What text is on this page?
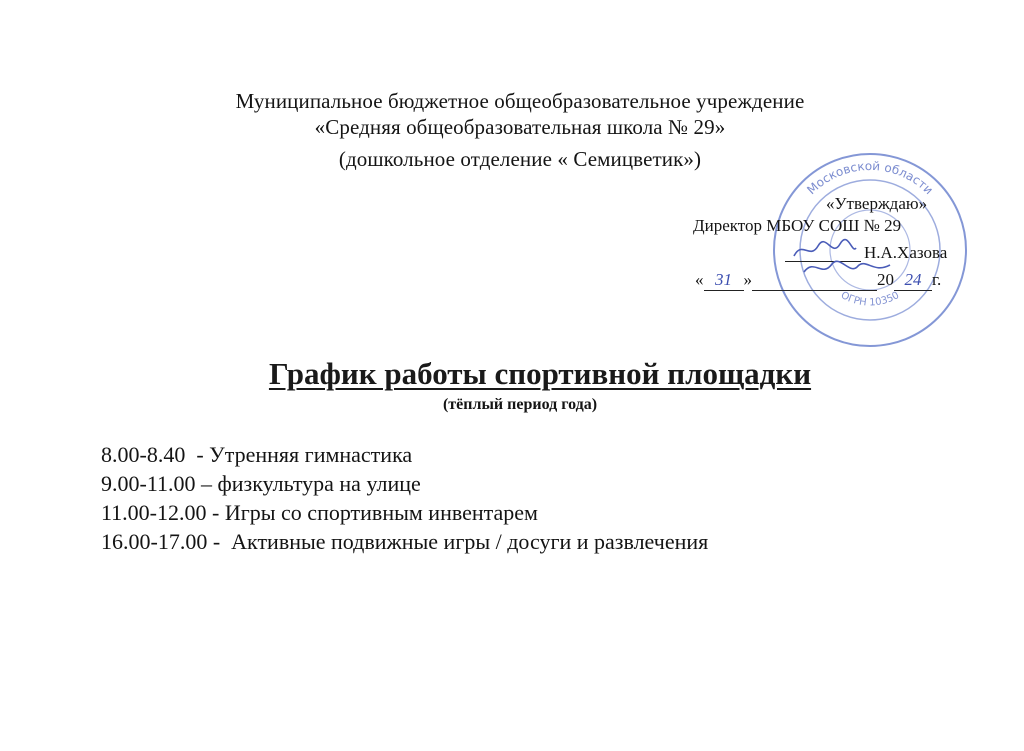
Муниципальное бюджетное общеобразовательное учреждение
«Средняя общеобразовательная школа № 29»
(дошкольное отделение « Семицветик»)
Московской области
ОГРН 10350
«Утверждаю»
Директор МБОУ СОШ № 29
Н.А.Хазова
« 31 »	20 24 г.
График работы спортивной площадки
(тёплый период года)
8.00-8.40  - Утренняя гимнастика
9.00-11.00 – физкультура на улице
11.00-12.00 - Игры со спортивным инвентарем
16.00-17.00 -  Активные подвижные игры / досуги и развлечения
